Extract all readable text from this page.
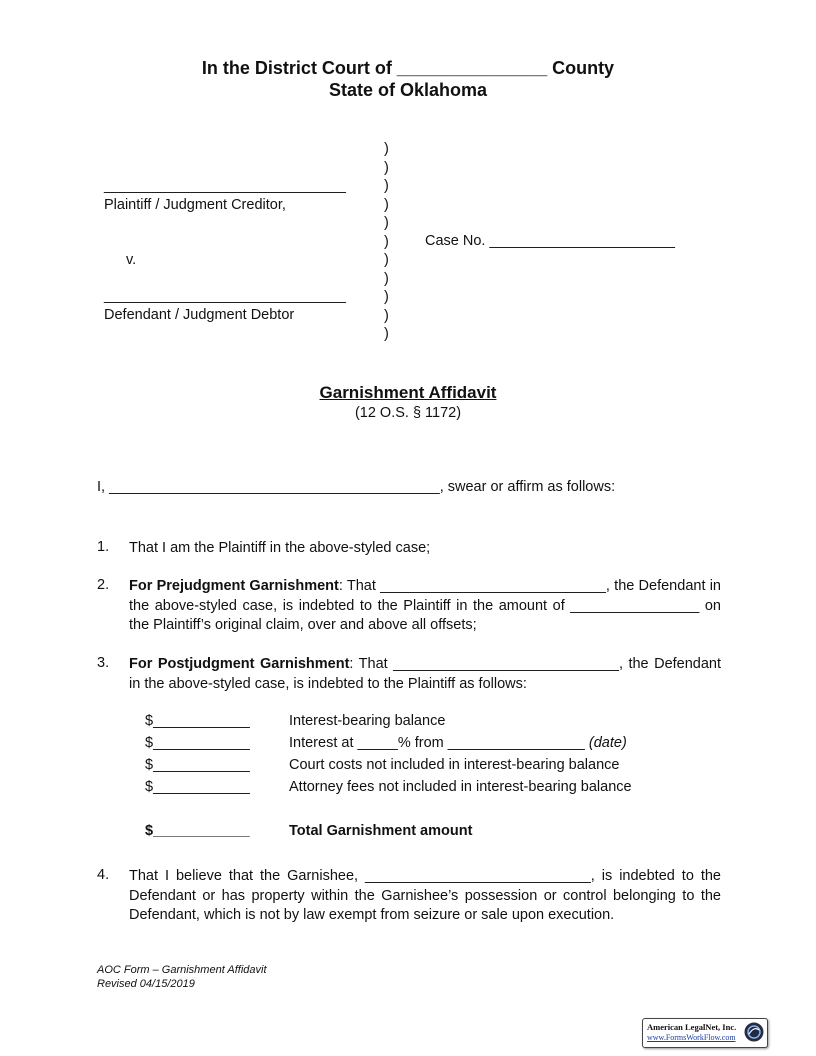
In the District Court of _______________ County
State of Oklahoma
)
)
)
)
)
)
)
)
)
)
)
______________________________
Plaintiff / Judgment Creditor,
v.
______________________________
Defendant / Judgment Debtor
Case No. _______________________
Garnishment Affidavit
(12 O.S. § 1172)
I, _________________________________________, swear or affirm as follows:
1. That I am the Plaintiff in the above-styled case;
2. For Prejudgment Garnishment: That ____________________________, the Defendant in the above-styled case, is indebted to the Plaintiff in the amount of ________________ on the Plaintiff’s original claim, over and above all offsets;
3. For Postjudgment Garnishment: That ____________________________, the Defendant in the above-styled case, is indebted to the Plaintiff as follows:
$____________	Interest-bearing balance
$____________	Interest at _____% from _________________ (date)
$____________	Court costs not included in interest-bearing balance
$____________	Attorney fees not included in interest-bearing balance
$____________	Total Garnishment amount
4. That I believe that the Garnishee, ____________________________, is indebted to the Defendant or has property within the Garnishee’s possession or control belonging to the Defendant, which is not by law exempt from seizure or sale upon execution.
AOC Form – Garnishment Affidavit
Revised 04/15/2019
American LegalNet, Inc.
www.FormsWorkFlow.com
